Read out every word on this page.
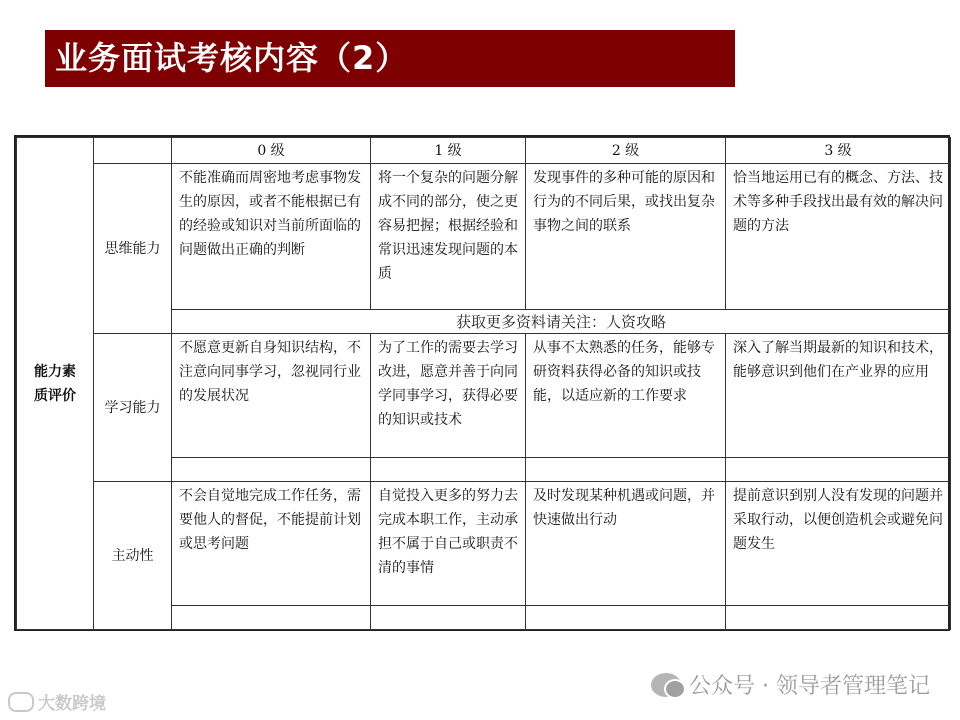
业务面试考核内容（2）
能力素质评价		0 级	1 级	2 级	3 级

	思维能力	不能准确而周密地考虑事物发生的原因，或者不能根据已有的经验或知识对当前所面临的问题做出正确的判断	将一个复杂的问题分解成不同的部分，使之更容易把握；根据经验和常识迅速发现问题的本质	发现事件的多种可能的原因和行为的不同后果，或找出复杂事物之间的联系	恰当地运用已有的概念、方法、技术等多种手段找出最有效的解决问题的方法
		获取更多资料请关注：人资攻略			

	学习能力	不愿意更新自身知识结构，不注意向同事学习，忽视同行业的发展状况	为了工作的需要去学习改进，愿意并善于向同学同事学习，获得必要的知识或技术	从事不太熟悉的任务，能够专研资料获得必备的知识或技能，以适应新的工作要求	深入了解当期最新的知识和技术，能够意识到他们在产业界的应用

	主动性	不会自觉地完成工作任务，需要他人的督促，不能提前计划或思考问题	自觉投入更多的努力去完成本职工作，主动承担不属于自己或职责不清的事情	及时发现某种机遇或问题，并快速做出行动	提前意识到别人没有发现的问题并采取行动，以便创造机会或避免问题发生

公众号 · 领导者管理笔记
大数跨境
